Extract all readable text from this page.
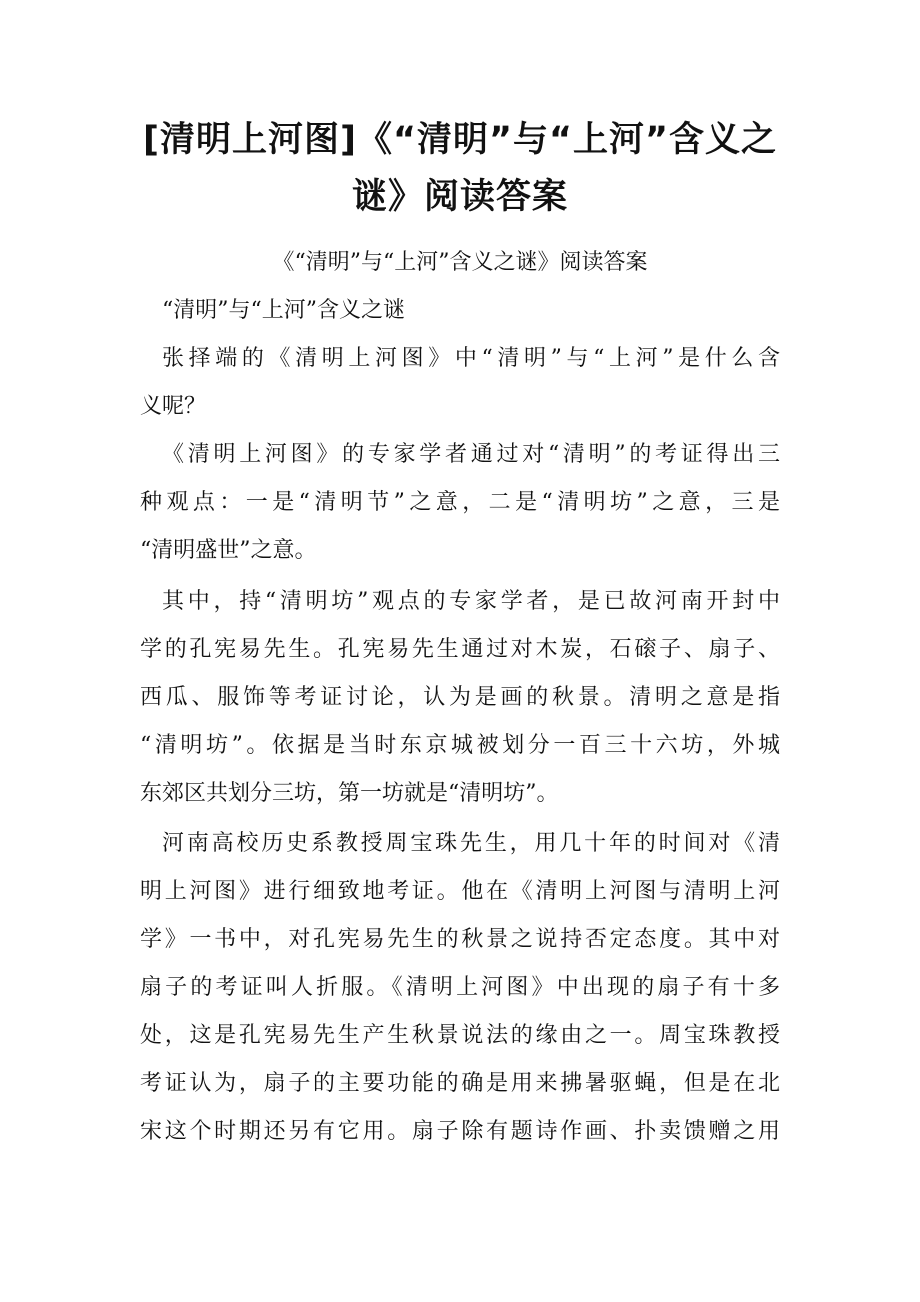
[清明上河图]《“清明”与“上河”含义之
谜》阅读答案

《“清明”与“上河”含义之谜》阅读答案

“清明”与“上河”含义之谜
张择端的《清明上河图》中“清明”与“上河”是什么含
义呢？
《清明上河图》的专家学者通过对“清明”的考证得出三
种观点：一是“清明节”之意，二是“清明坊”之意，三是
“清明盛世”之意。
其中，持“清明坊”观点的专家学者，是已故河南开封中
学的孔宪易先生。孔宪易先生通过对木炭，石磙子、扇子、
西瓜、服饰等考证讨论，认为是画的秋景。清明之意是指
“清明坊”。依据是当时东京城被划分一百三十六坊，外城
东郊区共划分三坊，第一坊就是“清明坊”。
河南高校历史系教授周宝珠先生，用几十年的时间对《清
明上河图》进行细致地考证。他在《清明上河图与清明上河
学》一书中，对孔宪易先生的秋景之说持否定态度。其中对
扇子的考证叫人折服。《清明上河图》中出现的扇子有十多
处，这是孔宪易先生产生秋景说法的缘由之一。周宝珠教授
考证认为，扇子的主要功能的确是用来拂暑驱蝇，但是在北
宋这个时期还另有它用。扇子除有题诗作画、扑卖馈赠之用
